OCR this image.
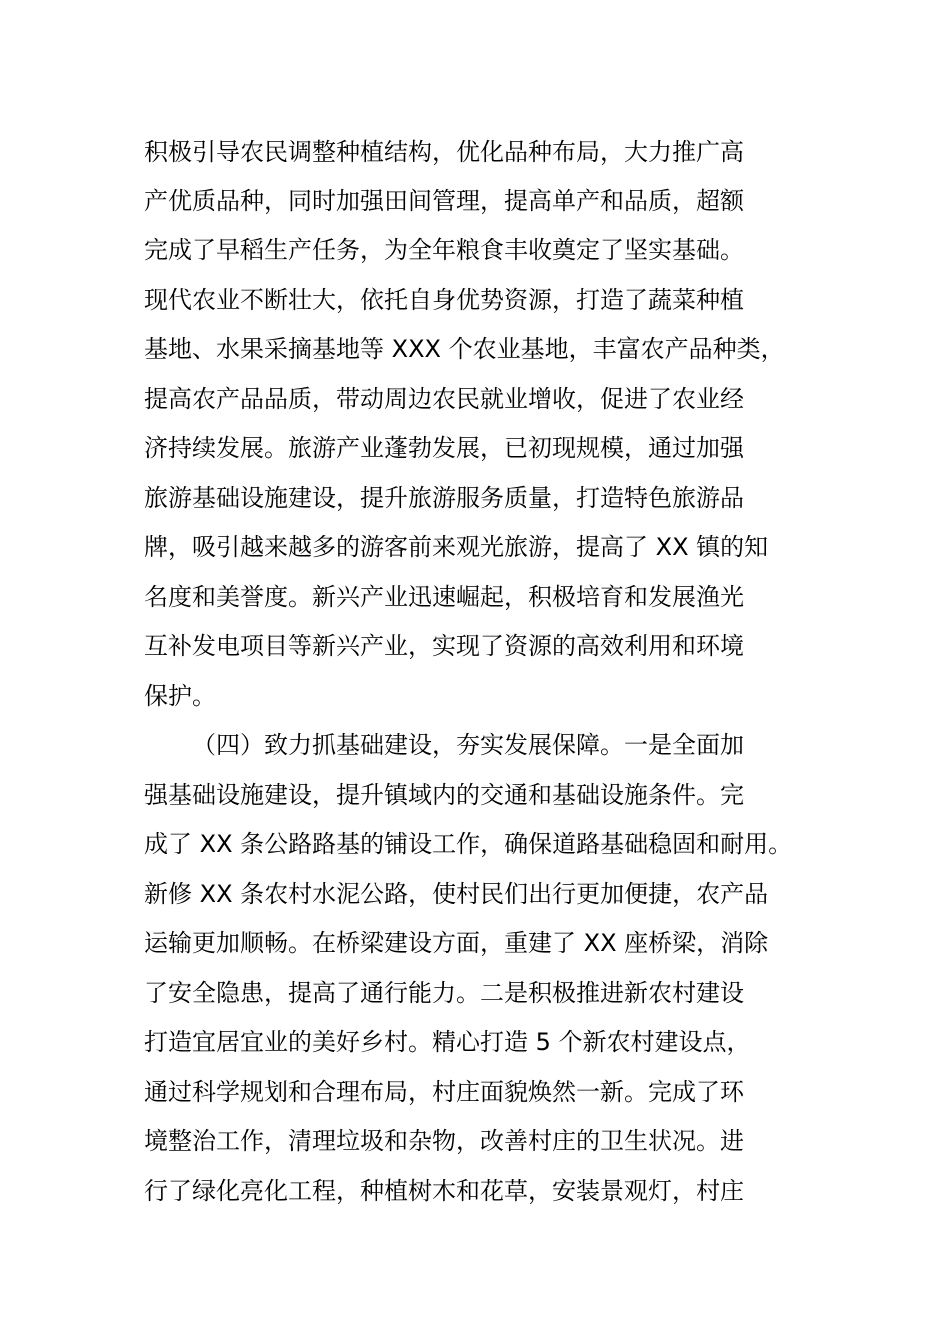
积极引导农民调整种植结构，优化品种布局，大力推广高
产优质品种，同时加强田间管理，提高单产和品质，超额
完成了早稻生产任务，为全年粮食丰收奠定了坚实基础。
现代农业不断壮大，依托自身优势资源，打造了蔬菜种植
基地、水果采摘基地等 XXX 个农业基地，丰富农产品种类，
提高农产品品质，带动周边农民就业增收，促进了农业经
济持续发展。旅游产业蓬勃发展，已初现规模，通过加强
旅游基础设施建设，提升旅游服务质量，打造特色旅游品
牌，吸引越来越多的游客前来观光旅游，提高了 XX 镇的知
名度和美誉度。新兴产业迅速崛起，积极培育和发展渔光
互补发电项目等新兴产业，实现了资源的高效利用和环境
保护。
（四）致力抓基础建设，夯实发展保障。一是全面加
强基础设施建设，提升镇域内的交通和基础设施条件。完
成了 XX 条公路路基的铺设工作，确保道路基础稳固和耐用。
新修 XX 条农村水泥公路，使村民们出行更加便捷，农产品
运输更加顺畅。在桥梁建设方面，重建了 XX 座桥梁，消除
了安全隐患，提高了通行能力。二是积极推进新农村建设
打造宜居宜业的美好乡村。精心打造 5 个新农村建设点，
通过科学规划和合理布局，村庄面貌焕然一新。完成了环
境整治工作，清理垃圾和杂物，改善村庄的卫生状况。进
行了绿化亮化工程，种植树木和花草，安装景观灯，村庄
